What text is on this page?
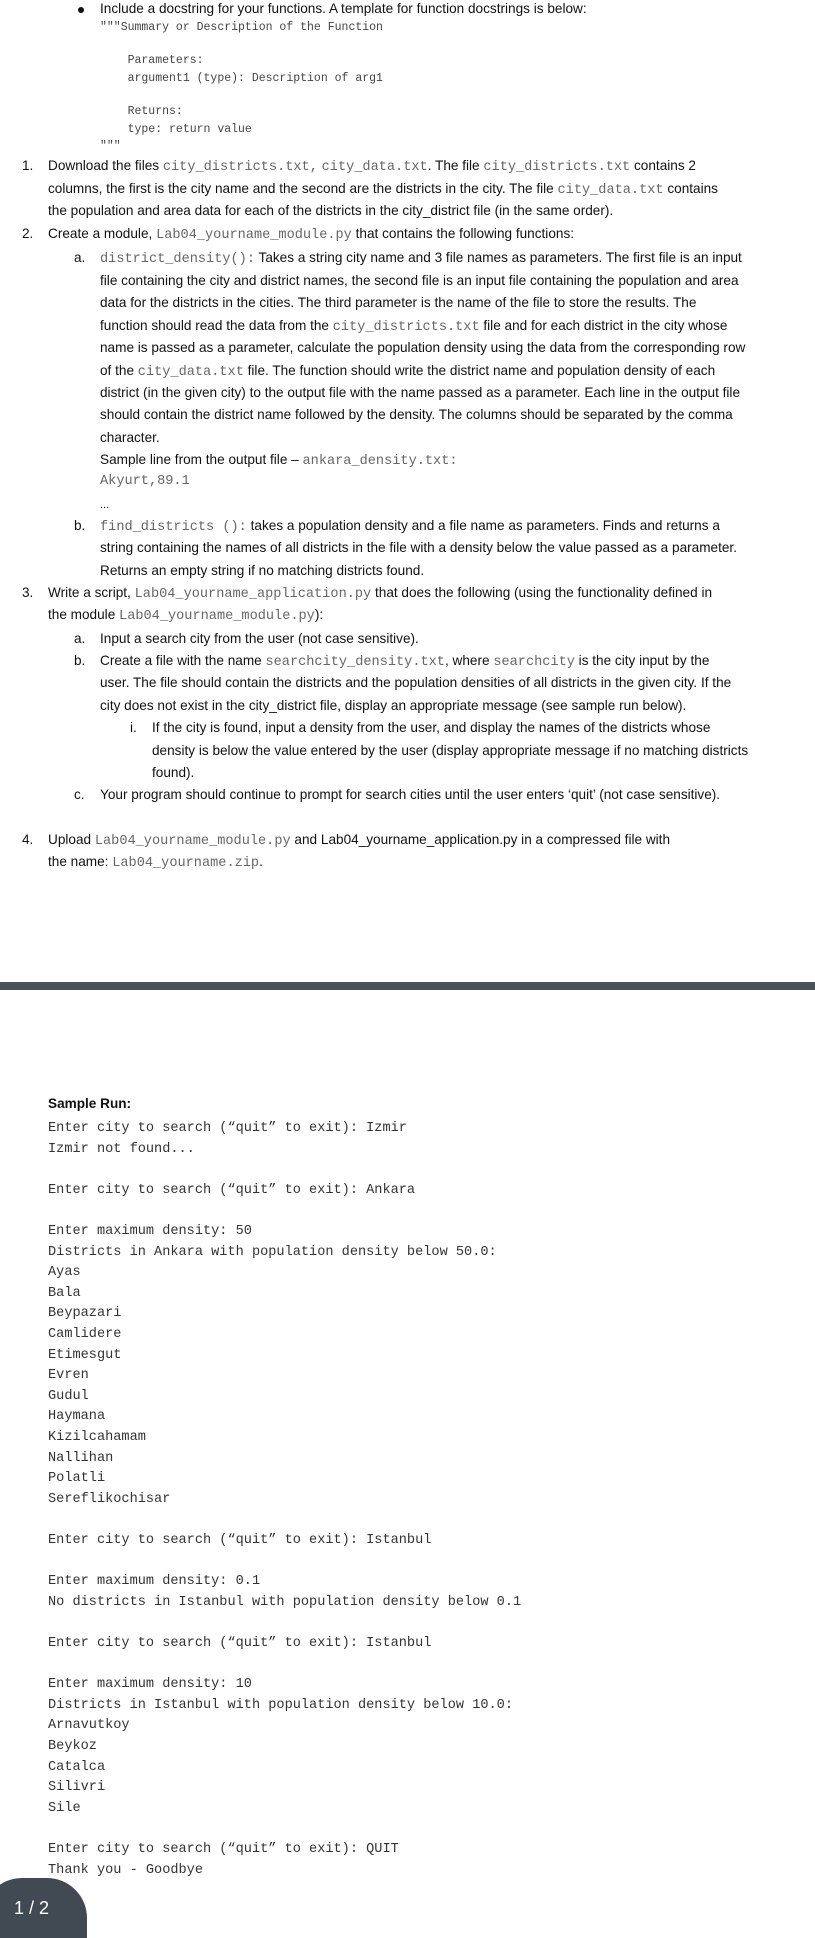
Include a docstring for your functions. A template for function docstrings is below:
"""Summary or Description of the Function
Parameters:
argument1 (type): Description of arg1
Returns:
type: return value
"""
1. Download the files city_districts.txt, city_data.txt. The file city_districts.txt contains 2
columns, the first is the city name and the second are the districts in the city. The file city_data.txt contains
the population and area data for each of the districts in the city_district file (in the same order).
2. Create a module, Lab04_yourname_module.py that contains the following functions:
a. district_density(): Takes a string city name and 3 file names as parameters. The first file is an input
file containing the city and district names, the second file is an input file containing the population and area
data for the districts in the cities. The third parameter is the name of the file to store the results. The
function should read the data from the city_districts.txt file and for each district in the city whose
name is passed as a parameter, calculate the population density using the data from the corresponding row
of the city_data.txt file. The function should write the district name and population density of each
district (in the given city) to the output file with the name passed as a parameter. Each line in the output file
should contain the district name followed by the density. The columns should be separated by the comma
character.
Sample line from the output file – ankara_density.txt:
Akyurt,89.1
...
b. find_districts (): takes a population density and a file name as parameters. Finds and returns a
string containing the names of all districts in the file with a density below the value passed as a parameter.
Returns an empty string if no matching districts found.
3. Write a script, Lab04_yourname_application.py that does the following (using the functionality defined in
the module Lab04_yourname_module.py):
a. Input a search city from the user (not case sensitive).
b. Create a file with the name searchcity_density.txt, where searchcity is the city input by the
user. The file should contain the districts and the population densities of all districts in the given city. If the
city does not exist in the city_district file, display an appropriate message (see sample run below).
i. If the city is found, input a density from the user, and display the names of the districts whose
density is below the value entered by the user (display appropriate message if no matching districts
found).
c. Your program should continue to prompt for search cities until the user enters ‘quit’ (not case sensitive).
4. Upload Lab04_yourname_module.py and Lab04_yourname_application.py in a compressed file with
the name: Lab04_yourname.zip.
Sample Run:
Enter city to search (“quit” to exit): Izmir
Izmir not found...
Enter city to search (“quit” to exit): Ankara
Enter maximum density: 50
Districts in Ankara with population density below 50.0:
Ayas
Bala
Beypazari
Camlidere
Etimesgut
Evren
Gudul
Haymana
Kizilcahamam
Nallihan
Polatli
Sereflikochisar
Enter city to search (“quit” to exit): Istanbul
Enter maximum density: 0.1
No districts in Istanbul with population density below 0.1
Enter city to search (“quit” to exit): Istanbul
Enter maximum density: 10
Districts in Istanbul with population density below 10.0:
Arnavutkoy
Beykoz
Catalca
Silivri
Sile
Enter city to search (“quit” to exit): QUIT
Thank you - Goodbye
1 / 2
